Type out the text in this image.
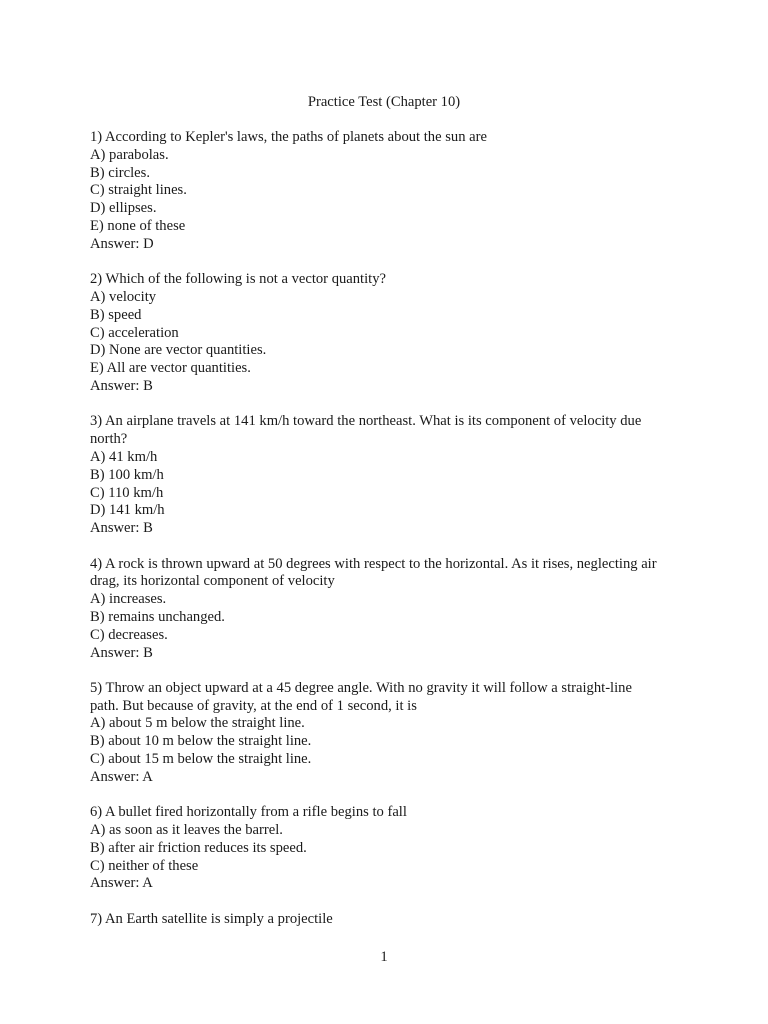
Practice Test (Chapter 10)
1) According to Kepler's laws, the paths of planets about the sun are
A) parabolas.
B) circles.
C) straight lines.
D) ellipses.
E) none of these
Answer: D
2) Which of the following is not a vector quantity?
A) velocity
B) speed
C) acceleration
D) None are vector quantities.
E) All are vector quantities.
Answer: B
3) An airplane travels at 141 km/h toward the northeast. What is its component of velocity due
north?
A) 41 km/h
B) 100 km/h
C) 110 km/h
D) 141 km/h
Answer: B
4) A rock is thrown upward at 50 degrees with respect to the horizontal. As it rises, neglecting air
drag, its horizontal component of velocity
A) increases.
B) remains unchanged.
C) decreases.
Answer: B
5) Throw an object upward at a 45 degree angle. With no gravity it will follow a straight-line
path. But because of gravity, at the end of 1 second, it is
A) about 5 m below the straight line.
B) about 10 m below the straight line.
C) about 15 m below the straight line.
Answer: A
6) A bullet fired horizontally from a rifle begins to fall
A) as soon as it leaves the barrel.
B) after air friction reduces its speed.
C) neither of these
Answer: A
7) An Earth satellite is simply a projectile
1
